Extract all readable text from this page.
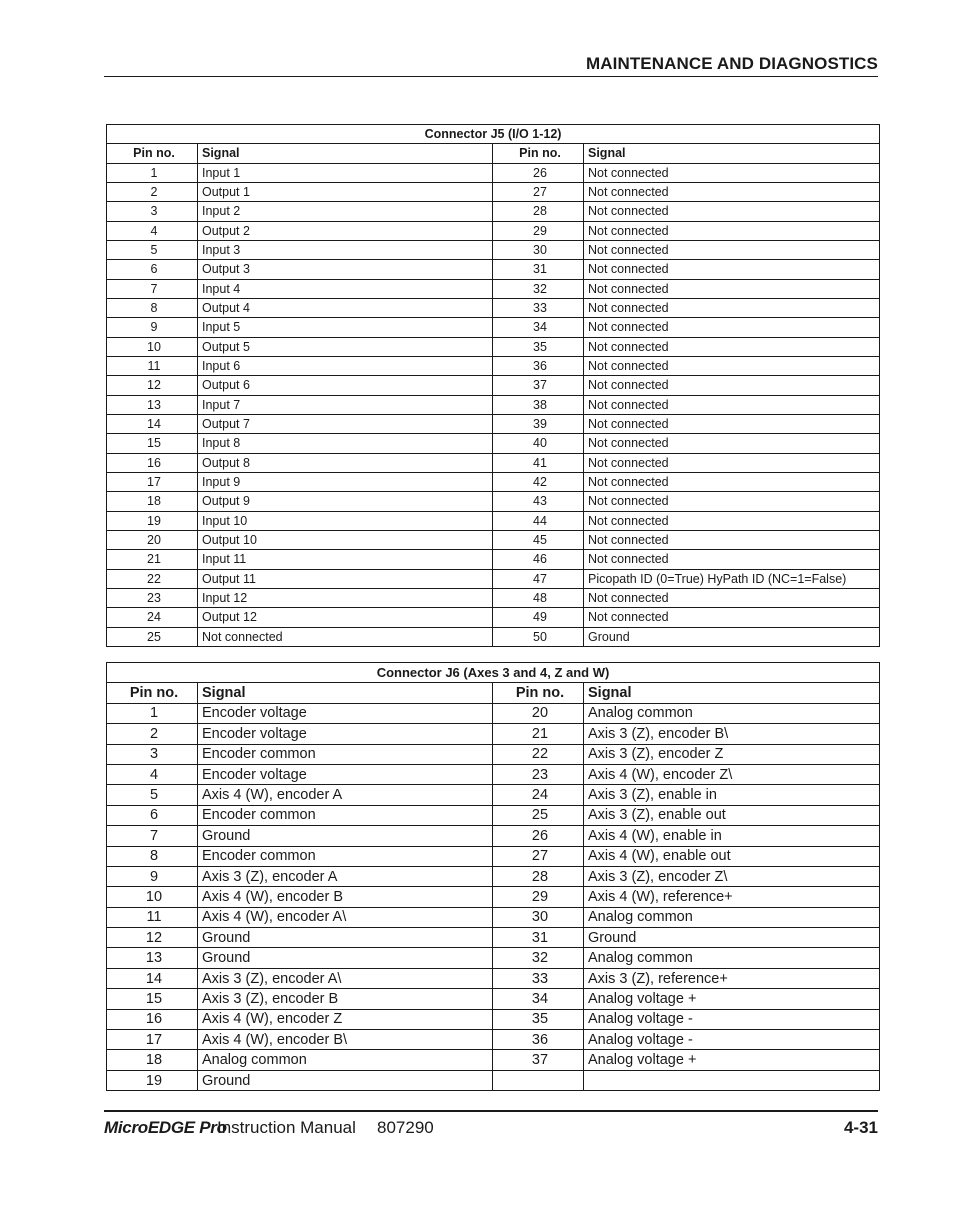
MAINTENANCE AND DIAGNOSTICS
Connector J5 (I/O 1-12)			
Pin no.	Signal	Pin no.	Signal
1	Input 1	26	Not connected
2	Output 1	27	Not connected
3	Input 2	28	Not connected
4	Output 2	29	Not connected
5	Input 3	30	Not connected
6	Output 3	31	Not connected
7	Input 4	32	Not connected
8	Output 4	33	Not connected
9	Input 5	34	Not connected
10	Output 5	35	Not connected
11	Input 6	36	Not connected
12	Output 6	37	Not connected
13	Input 7	38	Not connected
14	Output 7	39	Not connected
15	Input 8	40	Not connected
16	Output 8	41	Not connected
17	Input 9	42	Not connected
18	Output 9	43	Not connected
19	Input 10	44	Not connected
20	Output 10	45	Not connected
21	Input 11	46	Not connected
22	Output 11	47	Picopath ID (0=True) HyPath ID (NC=1=False)
23	Input 12	48	Not connected
24	Output 12	49	Not connected
25	Not connected	50	Ground
Connector J6 (Axes 3 and 4, Z and W)			
Pin no.	Signal	Pin no.	Signal
1	Encoder voltage	20	Analog common
2	Encoder voltage	21	Axis 3 (Z), encoder B\
3	Encoder common	22	Axis 3 (Z), encoder Z
4	Encoder voltage	23	Axis 4 (W), encoder Z\
5	Axis 4 (W), encoder A	24	Axis 3 (Z), enable in
6	Encoder common	25	Axis 3 (Z), enable out
7	Ground	26	Axis 4 (W), enable in
8	Encoder common	27	Axis 4 (W), enable out
9	Axis 3 (Z), encoder A	28	Axis 3 (Z), encoder Z\
10	Axis 4 (W), encoder B	29	Axis 4 (W), reference+
11	Axis 4 (W), encoder A\	30	Analog common
12	Ground	31	Ground
13	Ground	32	Analog common
14	Axis 3 (Z), encoder A\	33	Axis 3 (Z), reference+
15	Axis 3 (Z), encoder B	34	Analog voltage +
16	Axis 4 (W), encoder Z	35	Analog voltage -
17	Axis 4 (W), encoder B\	36	Analog voltage -
18	Analog common	37	Analog voltage +
19	Ground		
MicroEDGE Pro
Instruction Manual 807290	4-31
